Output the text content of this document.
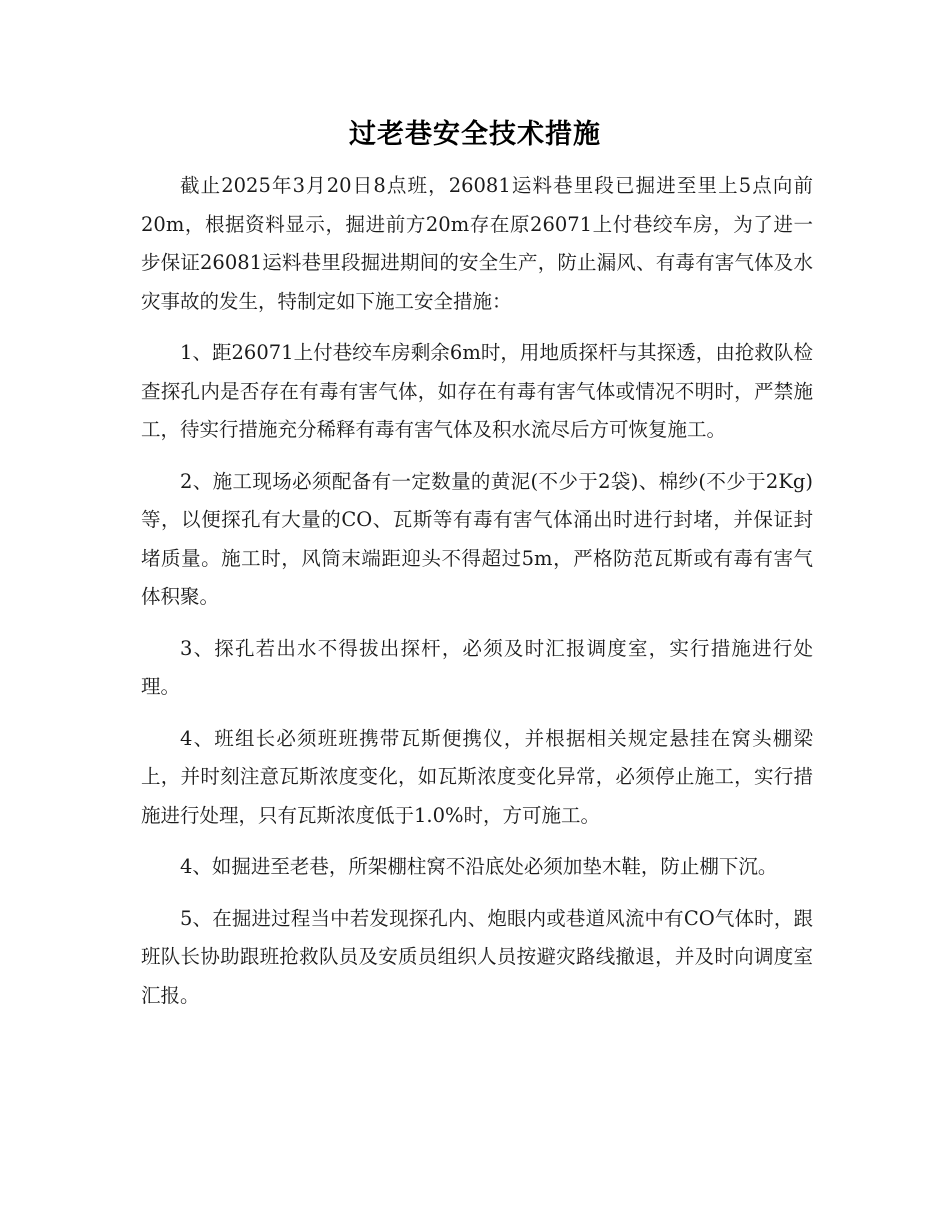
过老巷安全技术措施

截止2025年3月20日8点班，26081运料巷里段已掘进至里上5点向前20m，根据资料显示，掘进前方20m存在原26071上付巷绞车房，为了进一步保证26081运料巷里段掘进期间的安全生产，防止漏风、有毒有害气体及水灾事故的发生，特制定如下施工安全措施：

1、距26071上付巷绞车房剩余6m时，用地质探杆与其探透，由抢救队检查探孔内是否存在有毒有害气体，如存在有毒有害气体或情况不明时，严禁施工，待实行措施充分稀释有毒有害气体及积水流尽后方可恢复施工。

2、施工现场必须配备有一定数量的黄泥(不少于2袋)、棉纱(不少于2Kg)等，以便探孔有大量的CO、瓦斯等有毒有害气体涌出时进行封堵，并保证封堵质量。施工时，风筒末端距迎头不得超过5m，严格防范瓦斯或有毒有害气体积聚。

3、探孔若出水不得拔出探杆，必须及时汇报调度室，实行措施进行处理。

4、班组长必须班班携带瓦斯便携仪，并根据相关规定悬挂在窝头棚梁上，并时刻注意瓦斯浓度变化，如瓦斯浓度变化异常，必须停止施工，实行措施进行处理，只有瓦斯浓度低于1.0%时，方可施工。

4、如掘进至老巷，所架棚柱窝不沿底处必须加垫木鞋，防止棚下沉。

5、在掘进过程当中若发现探孔内、炮眼内或巷道风流中有CO气体时，跟班队长协助跟班抢救队员及安质员组织人员按避灾路线撤退，并及时向调度室汇报。
